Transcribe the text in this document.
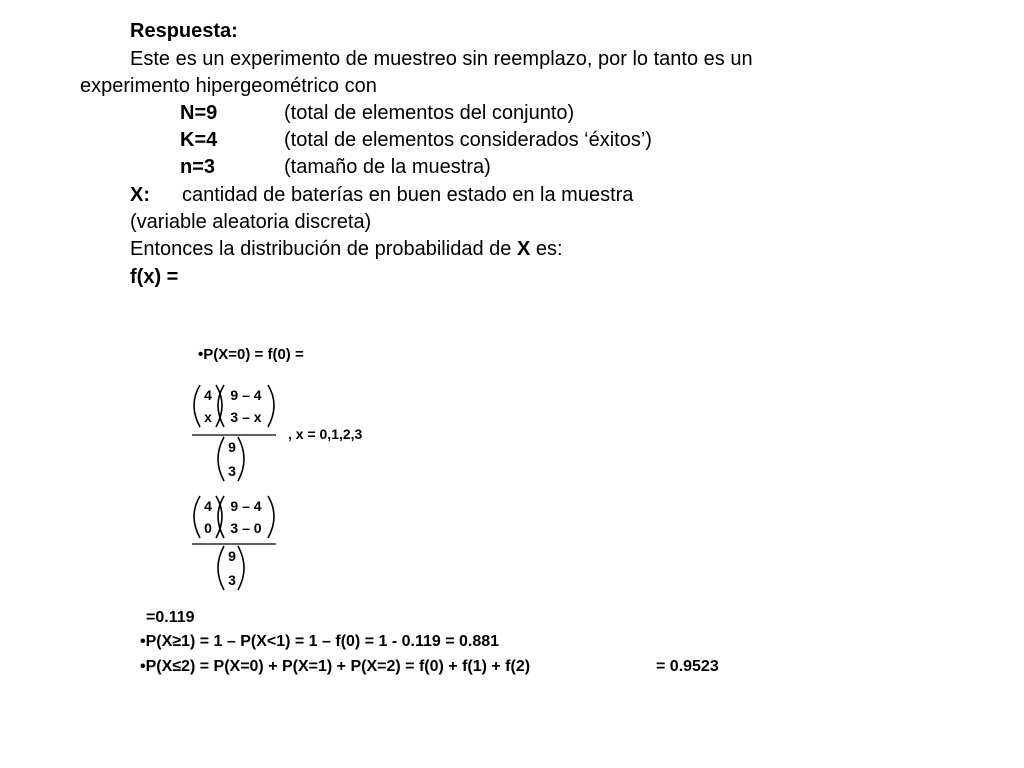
Respuesta:
Este es un experimento de muestreo sin reemplazo, por lo tanto es un
experimento hipergeométrico con
N=9	(total de elementos del conjunto)
K=4	(total de elementos considerados ‘éxitos’)
n=3	(tamaño de la muestra)
X: cantidad de baterías en buen estado en la muestra
(variable aleatoria discreta)
Entonces la distribución de probabilidad de X es:
f(x) =
•P(X=0) = f(0) =
4
x
9 – 4
3 – x
, x = 0,1,2,3
9
3
4
0
9 – 4
3 – 0
9
3
=0.119
•P(X≥1) = 1 – P(X<1) = 1 – f(0) = 1 - 0.119 = 0.881
•P(X≤2) = P(X=0) + P(X=1) + P(X=2) = f(0) + f(1) + f(2)	= 0.9523
